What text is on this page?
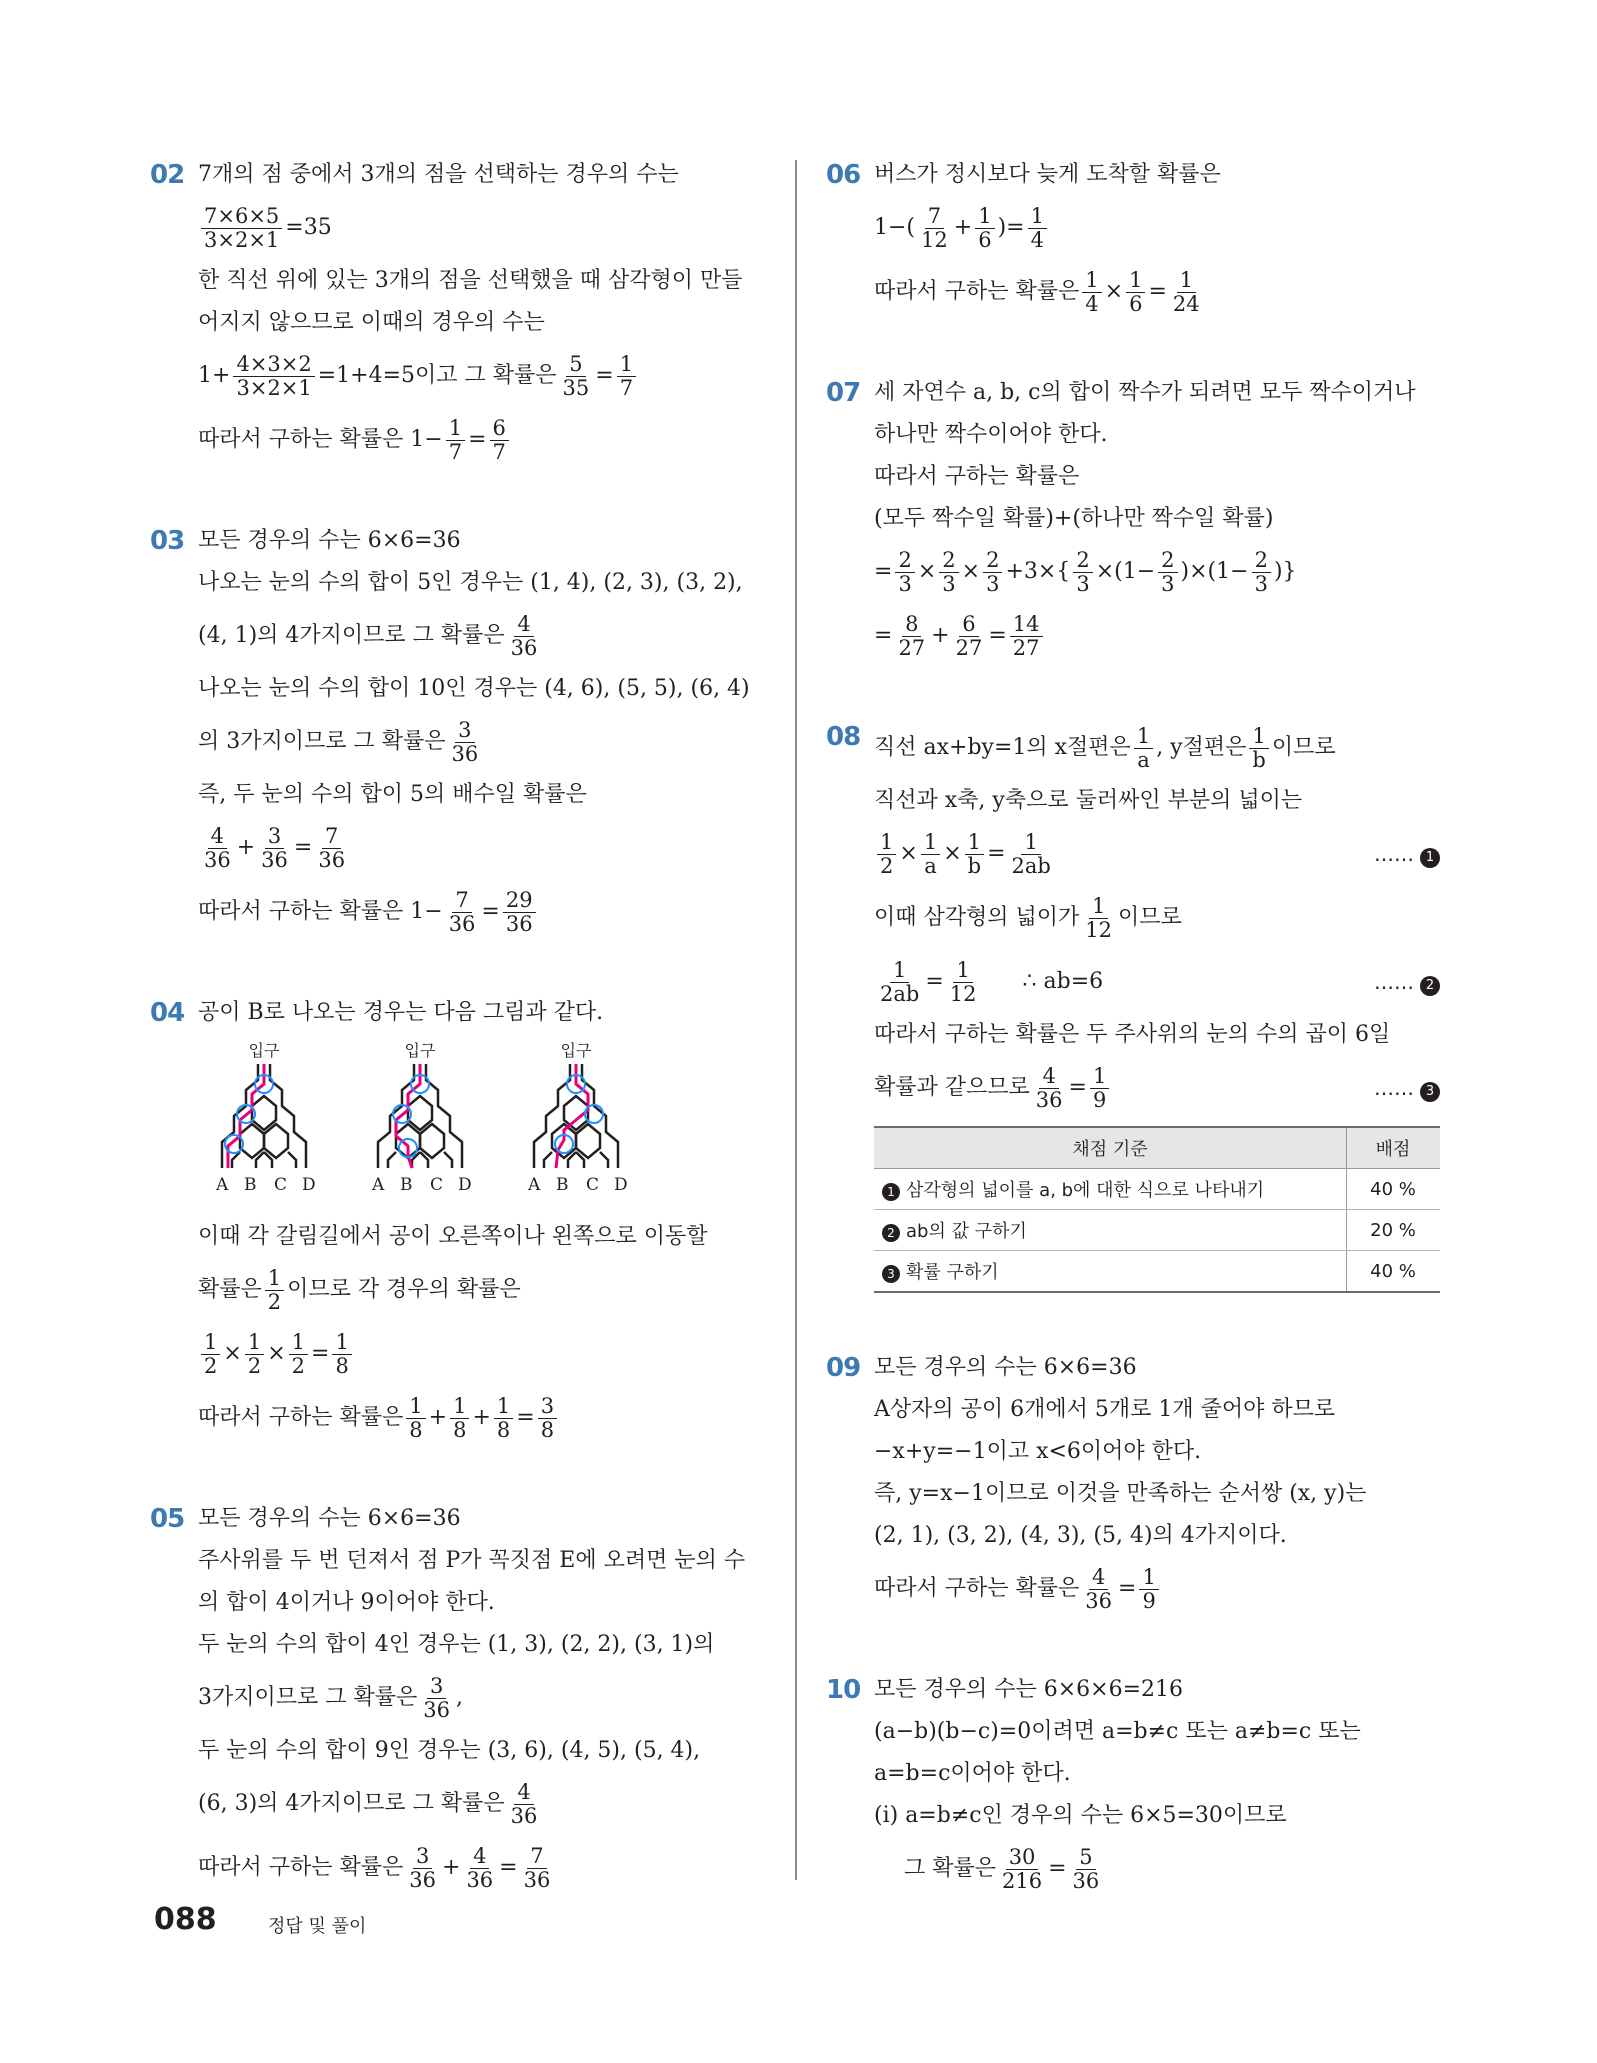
02 7개의 점 중에서 3개의 점을 선택하는 경우의 수는
$\frac{7\times 6\times 5}{3\times 2\times 1} =35$
한 직선 위에 있는 3개의 점을 선택했을 때 삼각형이 만들
어지지 않으므로 이때의 경우의 수는
$1+ \frac{4\times 3\times 2}{3\times 2\times 1} =1+4=5$이고 그 확률은 $\frac{5}{35} = \frac{1}{7}$
따라서 구하는 확률은 $1- \frac{1}{7} = \frac{6}{7}$
03 모든 경우의 수는 6×6=36
나오는 눈의 수의 합이 5인 경우는 (1, 4), (2, 3), (3, 2),
(4, 1)의 4가지이므로 그 확률은 $\frac{4}{36}$
나오는 눈의 수의 합이 10인 경우는 (4, 6), (5, 5), (6, 4)
의 3가지이므로 그 확률은 $\frac{3}{36}$
즉, 두 눈의 수의 합이 5의 배수일 확률은
$\frac{4}{36} + \frac{3}{36} = \frac{7}{36}$
따라서 구하는 확률은 $1- \frac{7}{36} = \frac{29}{36}$
04 공이 B로 나오는 경우는 다음 그림과 같다.
입구
A B C D
입구
A B C D
입구
A B C D
이때 각 갈림길에서 공이 오른쪽이나 왼쪽으로 이동할
확률은 $\frac{1}{2}$ 이므로 각 경우의 확률은
$\frac{1}{2} \times \frac{1}{2} \times \frac{1}{2} = \frac{1}{8}$
따라서 구하는 확률은 $\frac{1}{8} + \frac{1}{8} + \frac{1}{8} = \frac{3}{8}$
05 모든 경우의 수는 6×6=36
주사위를 두 번 던져서 점 P가 꼭짓점 E에 오려면 눈의 수
의 합이 4이거나 9이어야 한다.
두 눈의 수의 합이 4인 경우는 (1, 3), (2, 2), (3, 1)의
3가지이므로 그 확률은 $\frac{3}{36}$ ,
두 눈의 수의 합이 9인 경우는 (3, 6), (4, 5), (5, 4),
(6, 3)의 4가지이므로 그 확률은 $\frac{4}{36}$
따라서 구하는 확률은 $\frac{3}{36} + \frac{4}{36} = \frac{7}{36}$
06 버스가 정시보다 늦게 도착할 확률은
$1-( \frac{7}{12} + \frac{1}{6}$ )= $\frac{1}{4}$
따라서 구하는 확률은 $\frac{1}{4} \times \frac{1}{6} = \frac{1}{24}$
07 세 자연수 a, b, c의 합이 짝수가 되려면 모두 짝수이거나
하나만 짝수이어야 한다.
따라서 구하는 확률은
(모두 짝수일 확률)+(하나만 짝수일 확률)
= $\frac{2}{3} \times \frac{2}{3} \times \frac{2}{3} + 3\times\{ \frac{2}{3} \times (1- \frac{2}{3}$ ) × ($1- \frac{2}{3}$ ) }
= $\frac{8}{27} + \frac{6}{27} = \frac{14}{27}$
08 직선 ax+by=1의 x절편은 $\frac{1}{a}$ , y절편은 $\frac{1}{b}$ 이므로
직선과 x축, y축으로 둘러싸인 부분의 넓이는
$\frac{1}{2} \times \frac{1}{a} \times \frac{1}{b} = \frac{1}{2ab}$	…… 1
이때 삼각형의 넓이가 $\frac{1}{12}$ 이므로
$\frac{1}{2ab} = \frac{1}{12}$ ∴ ab=6	…… 2
따라서 구하는 확률은 두 주사위의 눈의 수의 곱이 6일
확률과 같으므로 $\frac{4}{36} = \frac{1}{9}$	…… 3
채점 기준	배점
1 삼각형의 넓이를 a, b에 대한 식으로 나타내기	40 %
2 ab의 값 구하기	20 %
3 확률 구하기	40 %
09 모든 경우의 수는 6×6=36
A상자의 공이 6개에서 5개로 1개 줄어야 하므로
−x+y=−1이고 x<6이어야 한다.
즉, y=x−1이므로 이것을 만족하는 순서쌍 (x, y)는
(2, 1), (3, 2), (4, 3), (5, 4)의 4가지이다.
따라서 구하는 확률은 $\frac{4}{36} = \frac{1}{9}$
10 모든 경우의 수는 6×6×6=216
(a−b)(b−c)=0이려면 a=b≠c 또는 a≠b=c 또는
a=b=c이어야 한다.
(ⅰ) a=b≠c인 경우의 수는 6×5=30이므로
그 확률은 $\frac{30}{216} = \frac{5}{36}$
088	정답 및 풀이
